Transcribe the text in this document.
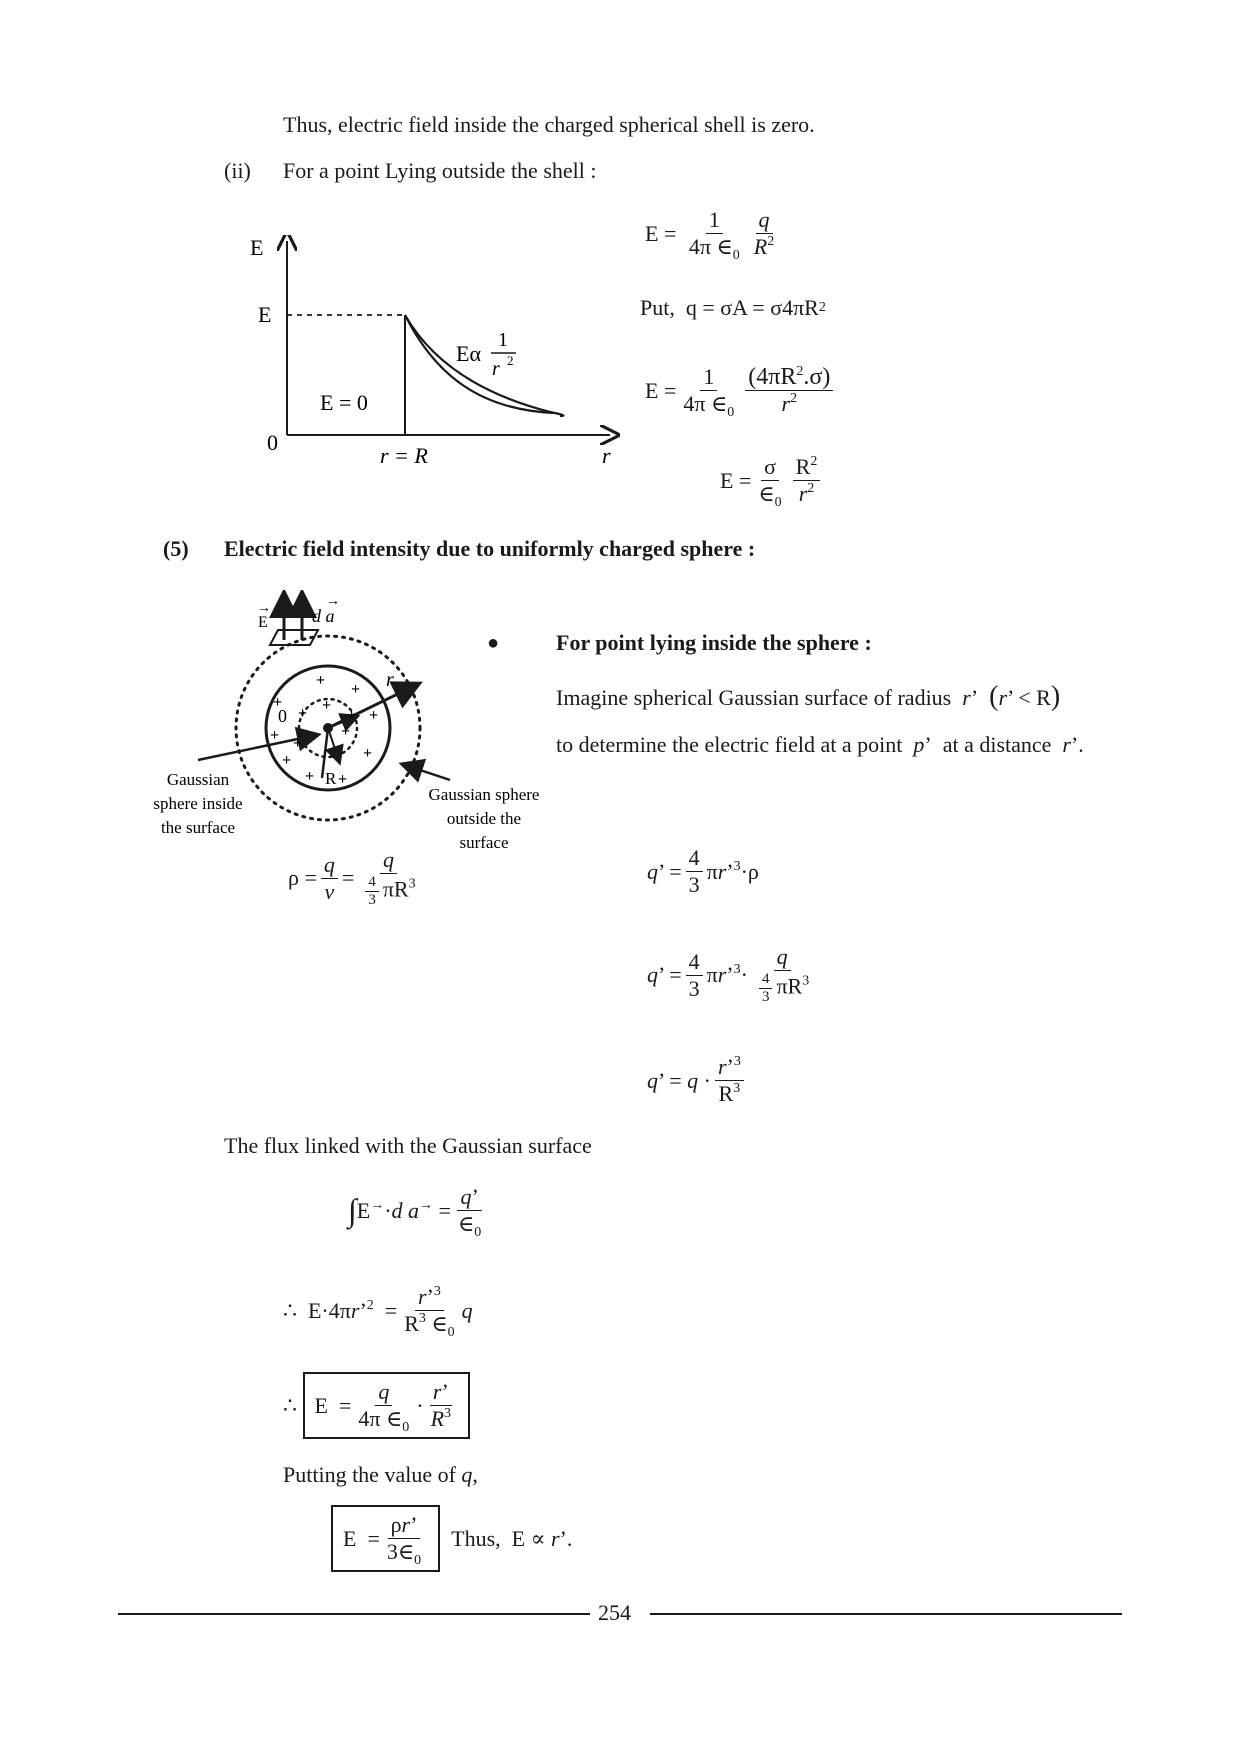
Thus, electric field inside the charged spherical shell is zero.
(ii) For a point Lying outside the shell :
E
E
0
E = 0
r = R	r
Eα
1
r 2
$E = \frac{1}{4\pi \in_0} \frac{q}{R^2}$
Put,
q = σA = σ4πR 2
$E = \frac{1}{4\pi \in_0} \frac{(4\pi R^2.\sigma)}{r^2}$
$E = \frac{\sigma}{\in_0} \frac{R^2}{r^2}$
(5) Electric field intensity due to uniformly charged sphere :
+
+
+
+
+
+	+
+
+ +
+
+
+
+
E
→ d a
→
r
0
R
Gaussian
sphere inside
the surface
Gaussian sphere
outside the
surface
$\rho = \frac{q}{v} = \frac{q}{\frac{4}{3} \pi R^3}$
●	For point lying inside the sphere :
Imagine spherical Gaussian surface of radius r’  (r’ < R)
to determine the electric field at a point p’  at a distance r’.
q’ = $\frac{4}{3}$ πr’$^3$·ρ
q’ = $\frac{4}{3}$ πr’$^3$· $\frac{q}{\frac{4}{3} \pi R^3}$
q’ = $q \cdot \frac{r’^3}{R^3}$
The flux linked with the Gaussian surface
∫ E→·d $a^\to = \frac{q’}{\in_0}$
∴  E·4πr’$^2$  = $\frac{r’^3}{R^3 \in_0}$ q
∴ $E = \frac{q}{4\pi \in_0} \cdot \frac{r’}{R^3}$
Putting the value of q,
$E = \frac{\rho r’}{3\in_0}$	Thus,  E ∝ r’.
254
